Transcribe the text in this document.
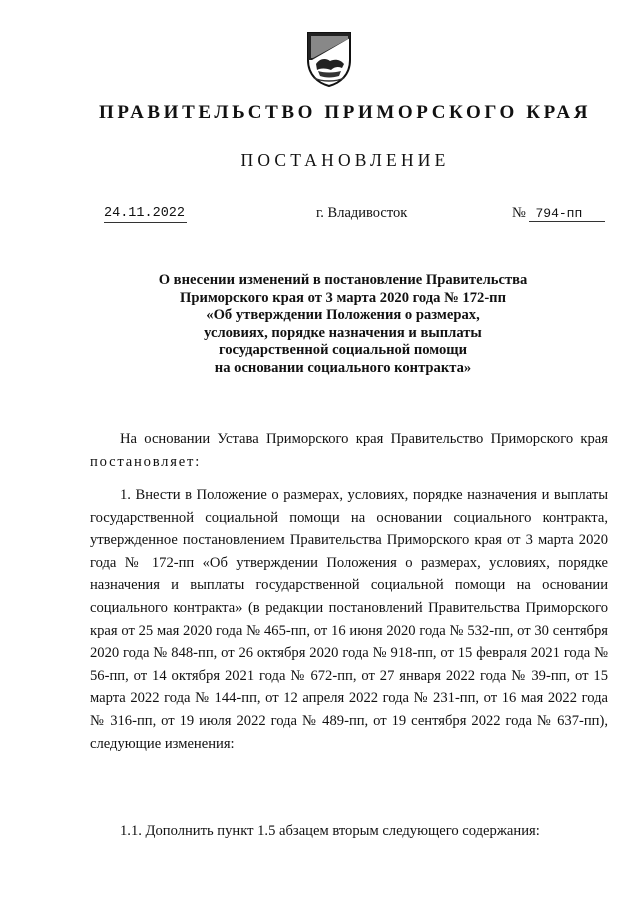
ПРАВИТЕЛЬСТВО ПРИМОРСКОГО КРАЯ
ПОСТАНОВЛЕНИЕ
24.11.2022	г. Владивосток	№ 794-пп
О внесении изменений в постановление Правительства
Приморского края от 3 марта 2020 года № 172-пп
«Об утверждении Положения о размерах,
условиях, порядке назначения и выплаты
государственной социальной помощи
на основании социального контракта»
На основании Устава Приморского края Правительство Приморского края постановляет:
1. Внести в Положение о размерах, условиях, порядке назначения и выплаты государственной социальной помощи на основании социального контракта, утвержденное постановлением Правительства Приморского края от 3 марта 2020 года № 172-пп «Об утверждении Положения о размерах, условиях, порядке назначения и выплаты государственной социальной помощи на основании социального контракта» (в редакции постановлений Правительства Приморского края от 25 мая 2020 года № 465-пп, от 16 июня 2020 года № 532-пп, от 30 сентября 2020 года № 848-пп, от 26 октября 2020 года № 918-пп, от 15 февраля 2021 года № 56-пп, от 14 октября 2021 года № 672-пп, от 27 января 2022 года № 39-пп, от 15 марта 2022 года № 144-пп, от 12 апреля 2022 года № 231-пп, от 16 мая 2022 года № 316-пп, от 19 июля 2022 года № 489-пп, от 19 сентября 2022 года № 637-пп), следующие изменения:
1.1. Дополнить пункт 1.5 абзацем вторым следующего содержания:
